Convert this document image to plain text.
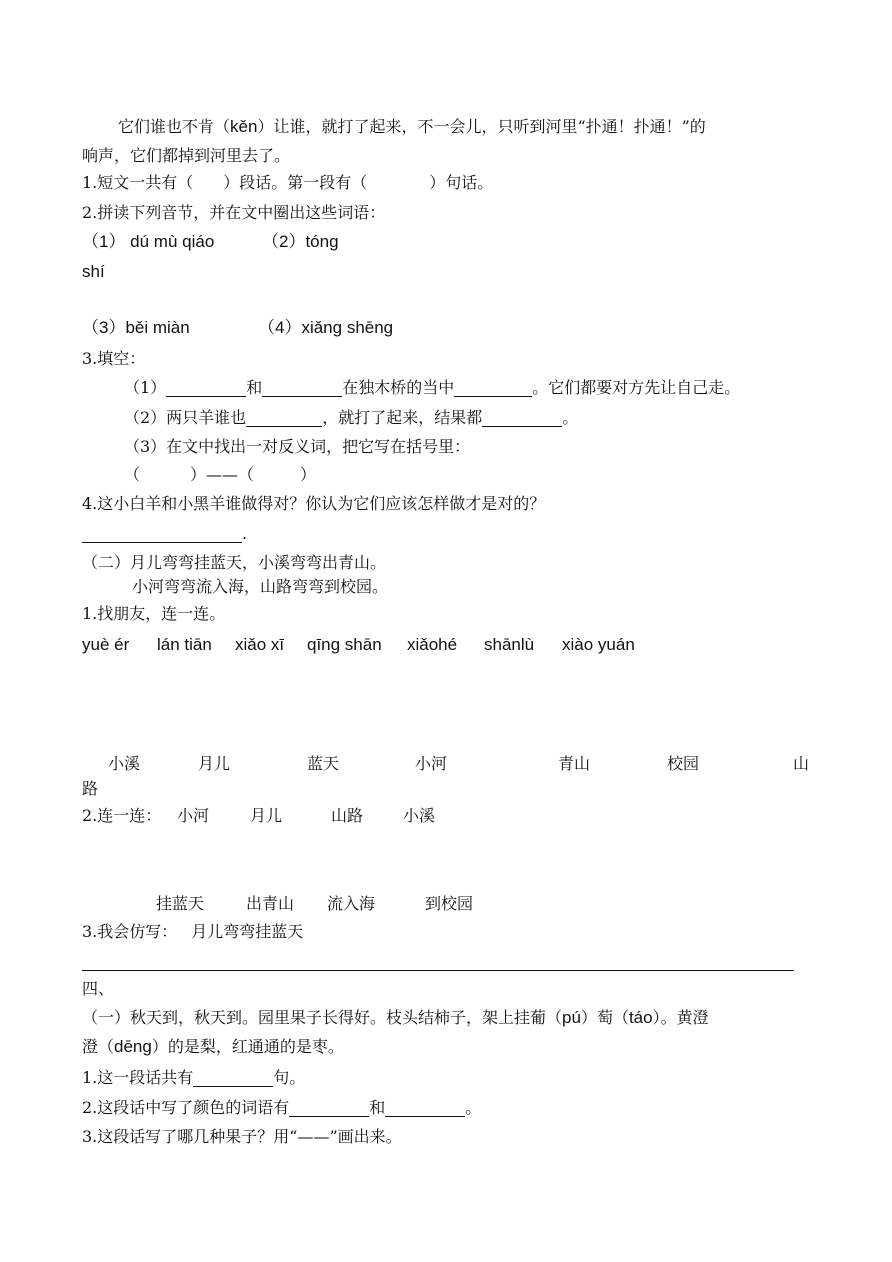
它们谁也不肯（kěn）让谁，就打了起来，不一会儿，只听到河里“扑通！扑通！”的
响声，它们都掉到河里去了。
1.短文一共有（ ）段话。第一段有（	）句话。
2.拼读下列音节，并在文中圈出这些词语：
（1） dú mù qiáo	（2）tóng
shí
（3）běi miàn	（4）xiǎng shēng
3.填空：
（1）	和	在独木桥的当中	。它们都要对方先让自己走。
（2）两只羊谁也	，就打了起来，结果都	。
（3）在文中找出一对反义词，把它写在括号里：
（	）——（	）
4.这小白羊和小黑羊谁做得对？你认为它们应该怎样做才是对的？
.
（二）月儿弯弯挂蓝天，小溪弯弯出青山。
小河弯弯流入海，山路弯弯到校园。
1.找朋友，连一连。
yuè ér lán tiān xiǎo xī qīng shān xiǎohé shānlù xiào yuán
小溪	月儿	蓝天	小河	青山	校园	山
路
2.连一连： 小河	月儿	山路 小溪
挂蓝天	出青山 流入海	到校园
3.我会仿写： 月儿弯弯挂蓝天
四、
（一）秋天到，秋天到。园里果子长得好。枝头结柿子，架上挂葡（pú）萄（táo）。黄澄
澄（dēng）的是梨，红通通的是枣。
1.这一段话共有	句。
2.这段话中写了颜色的词语有	和	。
3.这段话写了哪几种果子？用“——”画出来。
